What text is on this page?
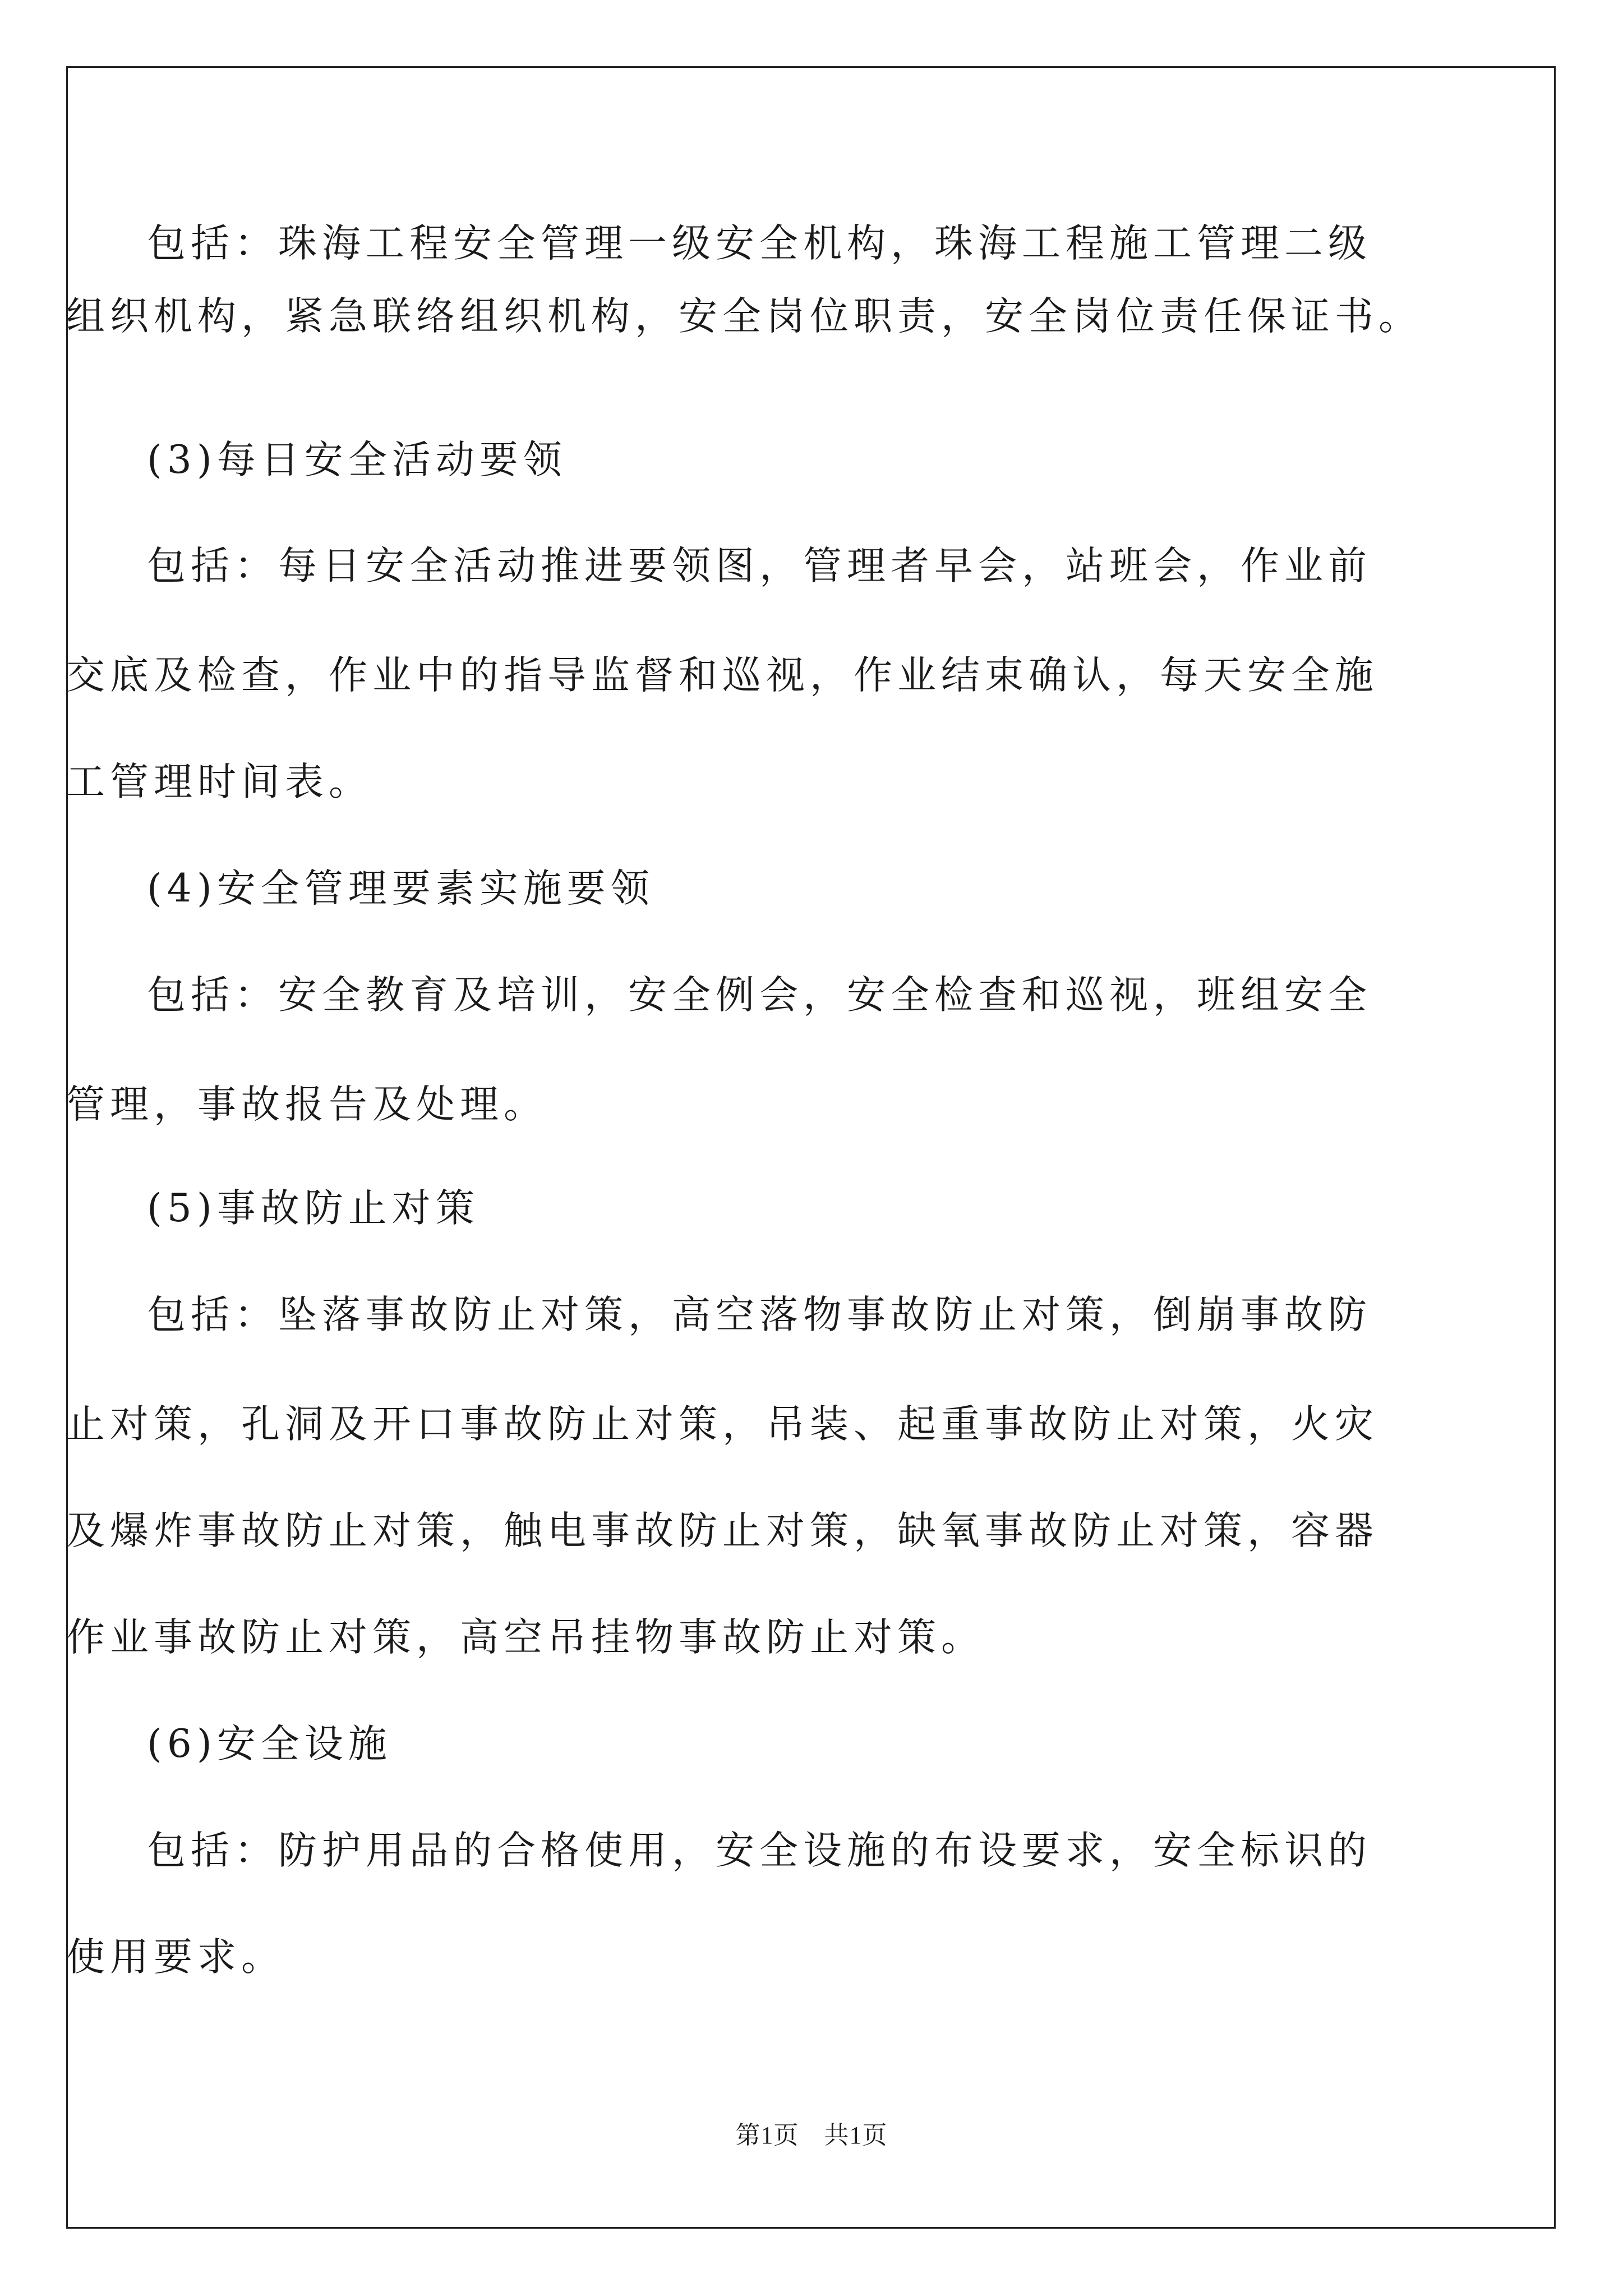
包括：珠海工程安全管理一级安全机构，珠海工程施工管理二级
组织机构，紧急联络组织机构，安全岗位职责，安全岗位责任保证书。
(3)每日安全活动要领
包括：每日安全活动推进要领图，管理者早会，站班会，作业前
交底及检查，作业中的指导监督和巡视，作业结束确认，每天安全施
工管理时间表。
(4)安全管理要素实施要领
包括：安全教育及培训，安全例会，安全检查和巡视，班组安全
管理，事故报告及处理。
(5)事故防止对策
包括：坠落事故防止对策，高空落物事故防止对策，倒崩事故防
止对策，孔洞及开口事故防止对策，吊装、起重事故防止对策，火灾
及爆炸事故防止对策，触电事故防止对策，缺氧事故防止对策，容器
作业事故防止对策，高空吊挂物事故防止对策。
(6)安全设施
包括：防护用品的合格使用，安全设施的布设要求，安全标识的
使用要求。
第1页　共1页
